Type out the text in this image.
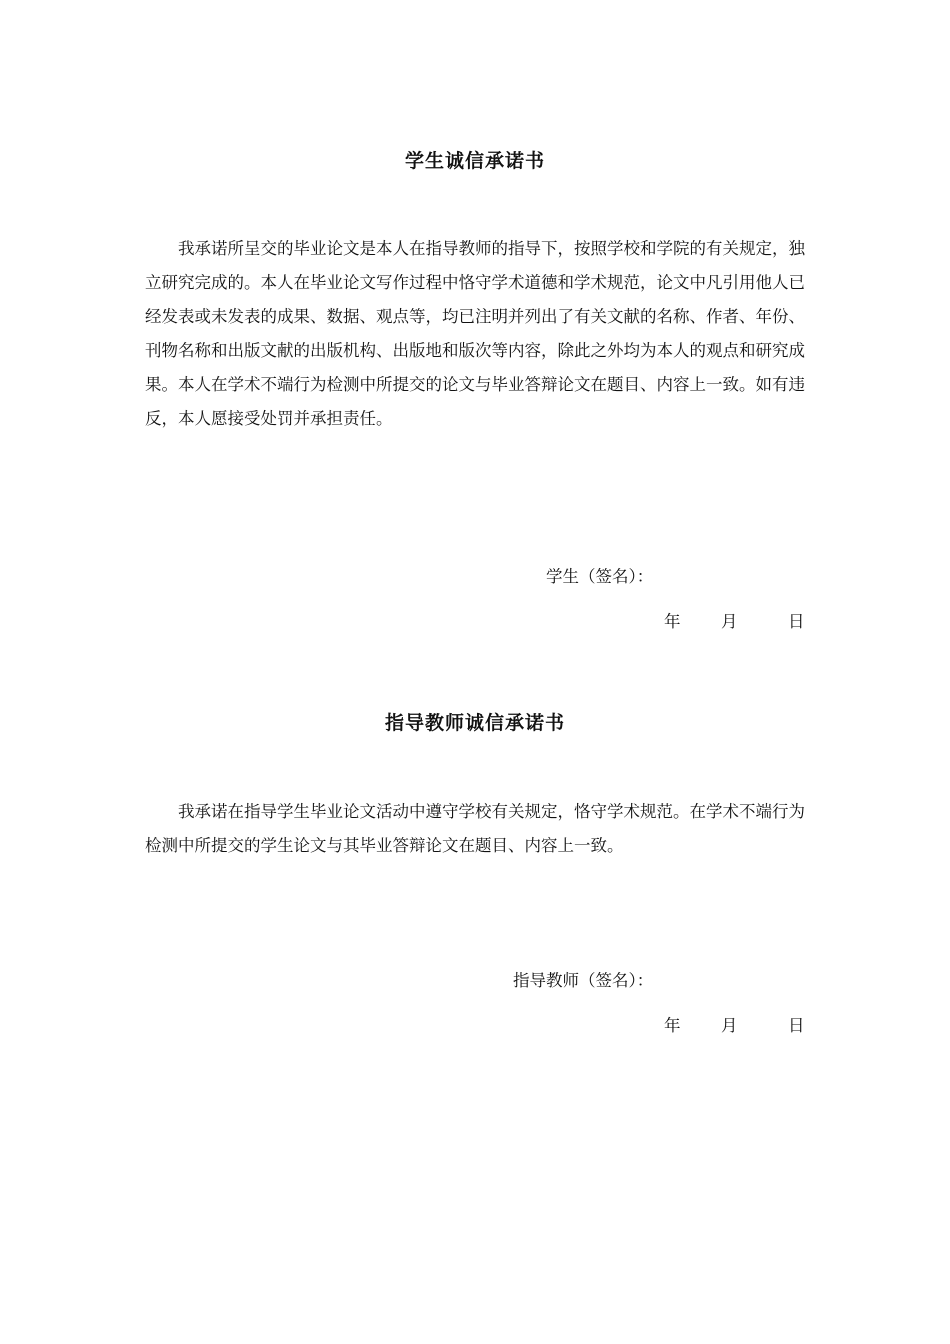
学生诚信承诺书

我承诺所呈交的毕业论文是本人在指导教师的指导下，按照学校和学院的有关规定，独立研究完成的。本人在毕业论文写作过程中恪守学术道德和学术规范，论文中凡引用他人已经发表或未发表的成果、数据、观点等，均已注明并列出了有关文献的名称、作者、年份、刊物名称和出版文献的出版机构、出版地和版次等内容，除此之外均为本人的观点和研究成果。本人在学术不端行为检测中所提交的论文与毕业答辩论文在题目、内容上一致。如有违反，本人愿接受处罚并承担责任。

学生（签名）：
年 月	日
指导教师诚信承诺书

我承诺在指导学生毕业论文活动中遵守学校有关规定，恪守学术规范。在学术不端行为检测中所提交的学生论文与其毕业答辩论文在题目、内容上一致。

指导教师（签名）：
年 月	日
